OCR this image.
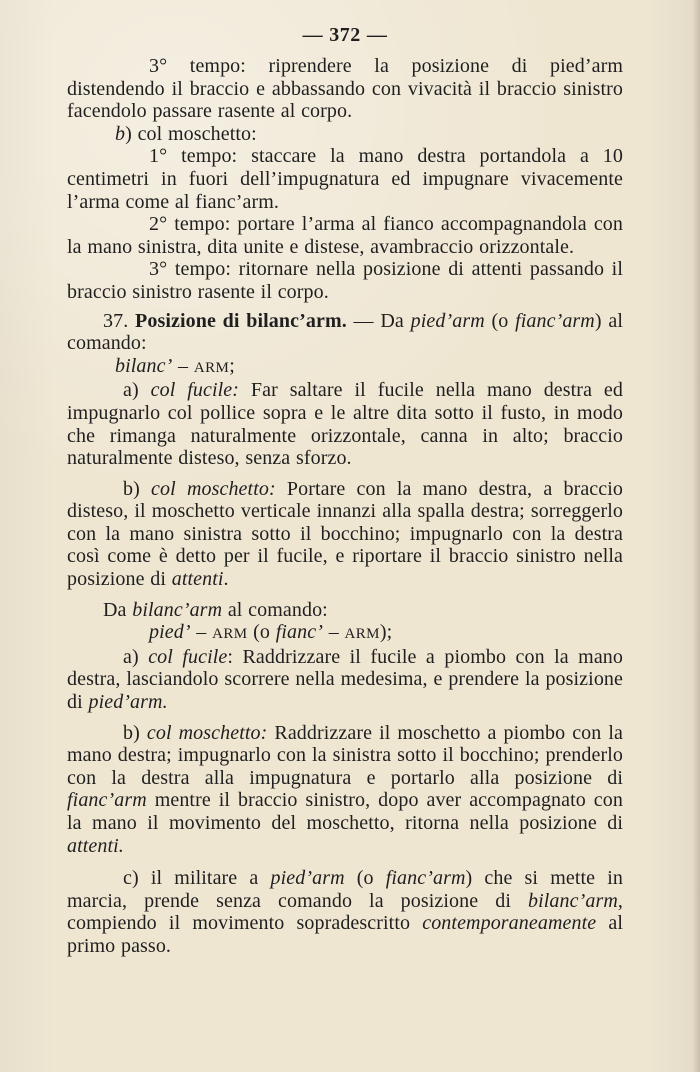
— 372 —

3° tempo: riprendere la posizione di pied’arm distendendo il braccio e abbassando con vivacità il braccio sinistro facendolo passare rasente al corpo.

b) col moschetto:

1° tempo: staccare la mano destra portandola a 10 centimetri in fuori dell’impugnatura ed impugnare vivacemente l’arma come al fianc’arm.

2° tempo: portare l’arma al fianco accompagnandola con la mano sinistra, dita unite e distese, avambraccio orizzontale.

3° tempo: ritornare nella posizione di attenti passando il braccio sinistro rasente il corpo.

37. Posizione di bilanc’arm. — Da pied’arm (o fianc’arm) al comando:

bilanc’ – ARM;

a) col fucile: Far saltare il fucile nella mano destra ed impugnarlo col pollice sopra e le altre dita sotto il fusto, in modo che rimanga naturalmente orizzontale, canna in alto; braccio naturalmente disteso, senza sforzo.

b) col moschetto: Portare con la mano destra, a braccio disteso, il moschetto verticale innanzi alla spalla destra; sorreggerlo con la mano sinistra sotto il bocchino; impugnarlo con la destra così come è detto per il fucile, e riportare il braccio sinistro nella posizione di attenti.

Da bilanc’arm al comando:

pied’ – ARM (o fianc’ – ARM);

a) col fucile: Raddrizzare il fucile a piombo con la mano destra, lasciandolo scorrere nella medesima, e prendere la posizione di pied’arm.

b) col moschetto: Raddrizzare il moschetto a piombo con la mano destra; impugnarlo con la sinistra sotto il bocchino; prenderlo con la destra alla impugnatura e portarlo alla posizione di fianc’arm mentre il braccio sinistro, dopo aver accompagnato con la mano il movimento del moschetto, ritorna nella posizione di attenti.

c) il militare a pied’arm (o fianc’arm) che si mette in marcia, prende senza comando la posizione di bilanc’arm, compiendo il movimento sopradescritto contemporaneamente al primo passo.
